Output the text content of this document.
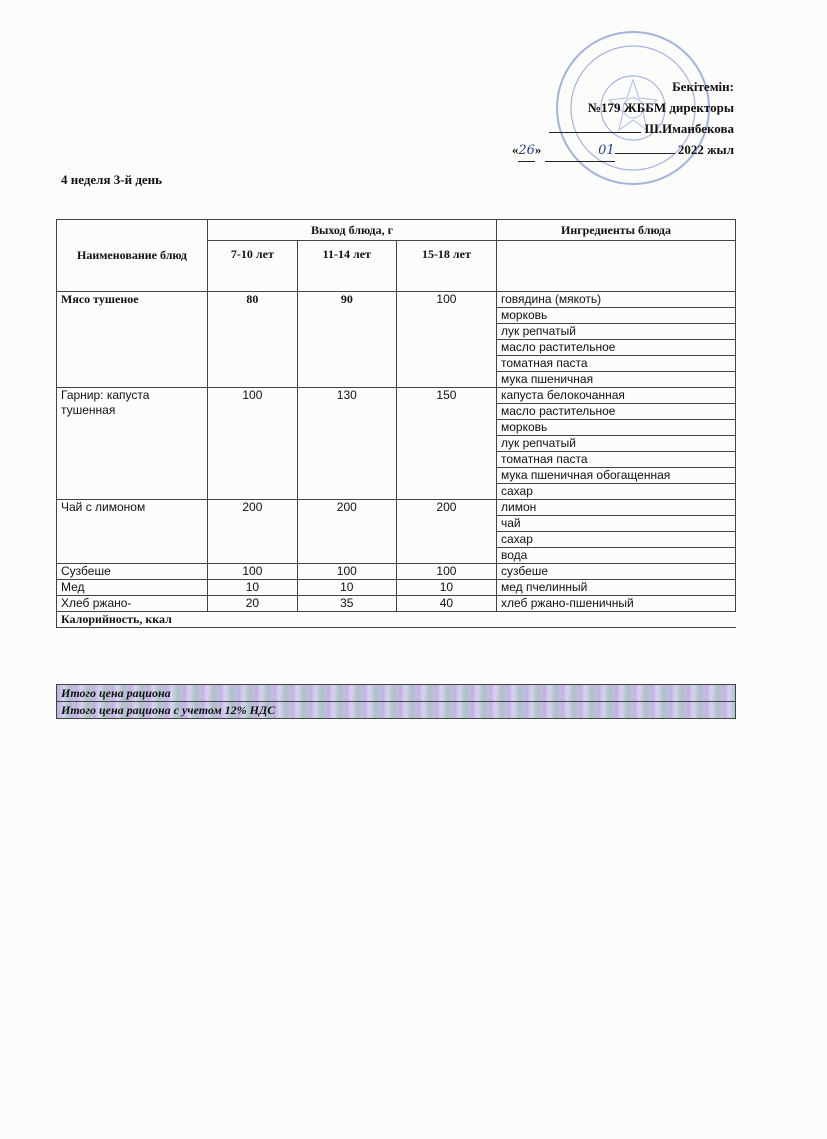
Бекітемін:
№179 ЖББМ директоры
Ш.Иманбекова
«26»	01	2022 жыл
4 неделя 3-й день
Наименование блюд	Выход блюда, г			Ингредиенты блюда
	7-10 лет	11-14 лет	15-18 лет	
Мясо тушеное	80	90	100	говядина (мякоть)
				морковь
				лук репчатый
				масло растительное
				томатная паста
				мука пшеничная
Гарнир: капуста тушенная	100	130	150	капуста белокочанная
				масло растительное
				морковь
				лук репчатый
				томатная паста
				мука пшеничная обогащенная
				сахар
Чай с лимоном	200	200	200	лимон
				чай
				сахар
				вода
Сузбеше	100	100	100	сузбеше
Мед	10	10	10	мед пчелинный
Хлеб ржано-	20	35	40	хлеб ржано-пшеничный
Калорийность, ккал				
Итого цена рациона
Итого цена рациона с учетом 12% НДС
